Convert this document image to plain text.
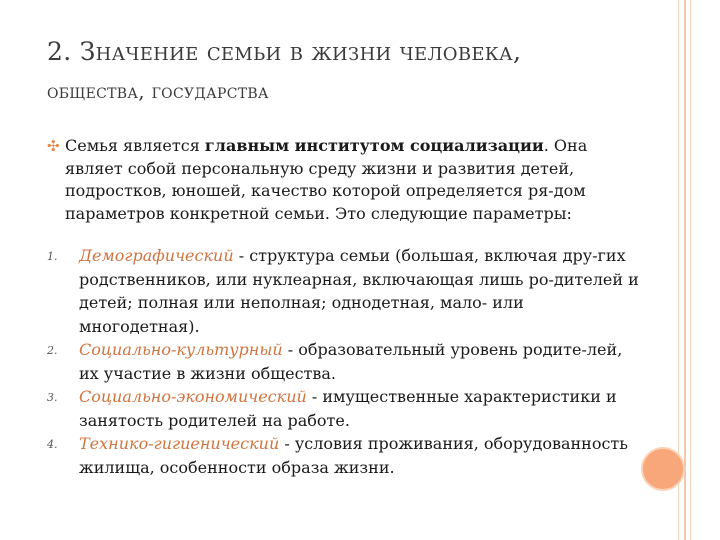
2. Значение семьи в жизни человека,
общества, государства
✣ Семья является главным институтом социализации. Она являет собой персональную среду жизни и развития детей, подростков, юношей, качество которой определяется ря-дом параметров конкретной семьи. Это следующие параметры:
1. Демографический - структура семьи (большая, включая дру-гих родственников, или нуклеарная, включающая лишь ро-дителей и детей; полная или неполная; однодетная, мало- или многодетная).
2. Социально-культурный - образовательный уровень родите-лей, их участие в жизни общества.
3. Социально-экономический - имущественные характеристики и занятость родителей на работе.
4. Технико-гигиенический - условия проживания, оборудованность жилища, особенности образа жизни.
